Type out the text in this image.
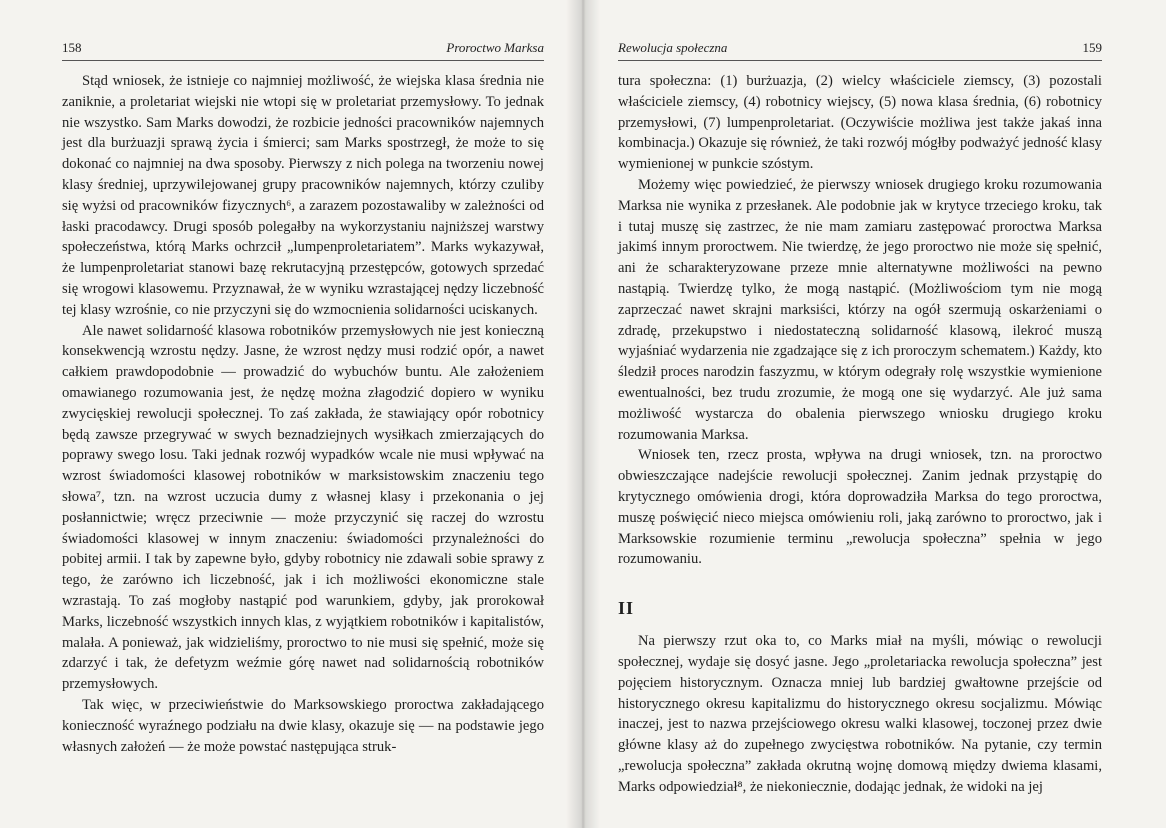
158	Proroctwo Marksa

Stąd wniosek, że istnieje co najmniej możliwość, że wiejska klasa średnia nie zaniknie, a proletariat wiejski nie wtopi się w proletariat przemysłowy. To jednak nie wszystko. Sam Marks dowodzi, że rozbicie jedności pracowników najemnych jest dla burżuazji sprawą życia i śmierci; sam Marks spostrzegł, że może to się dokonać co najmniej na dwa sposoby. Pierwszy z nich polega na tworzeniu nowej klasy średniej, uprzywilejowanej grupy pracowników najemnych, którzy czuliby się wyżsi od pracowników fizycznych⁶, a zarazem pozostawaliby w zależności od łaski pracodawcy. Drugi sposób polegałby na wykorzystaniu najniższej warstwy społeczeństwa, którą Marks ochrzcił „lumpenproletariatem”. Marks wykazywał, że lumpenproletariat stanowi bazę rekrutacyjną przestępców, gotowych sprzedać się wrogowi klasowemu. Przyznawał, że w wyniku wzrastającej nędzy liczebność tej klasy wzrośnie, co nie przyczyni się do wzmocnienia solidarności uciskanych.

Ale nawet solidarność klasowa robotników przemysłowych nie jest konieczną konsekwencją wzrostu nędzy. Jasne, że wzrost nędzy musi rodzić opór, a nawet całkiem prawdopodobnie — prowadzić do wybuchów buntu. Ale założeniem omawianego rozumowania jest, że nędzę można złagodzić dopiero w wyniku zwycięskiej rewolucji społecznej. To zaś zakłada, że stawiający opór robotnicy będą zawsze przegrywać w swych beznadziejnych wysiłkach zmierzających do poprawy swego losu. Taki jednak rozwój wypadków wcale nie musi wpływać na wzrost świadomości klasowej robotników w marksistowskim znaczeniu tego słowa⁷, tzn. na wzrost uczucia dumy z własnej klasy i przekonania o jej posłannictwie; wręcz przeciwnie — może przyczynić się raczej do wzrostu świadomości klasowej w innym znaczeniu: świadomości przynależności do pobitej armii. I tak by zapewne było, gdyby robotnicy nie zdawali sobie sprawy z tego, że zarówno ich liczebność, jak i ich możliwości ekonomiczne stale wzrastają. To zaś mogłoby nastąpić pod warunkiem, gdyby, jak prorokował Marks, liczebność wszystkich innych klas, z wyjątkiem robotników i kapitalistów, malała. A ponieważ, jak widzieliśmy, proroctwo to nie musi się spełnić, może się zdarzyć i tak, że defetyzm weźmie górę nawet nad solidarnością robotników przemysłowych.

Tak więc, w przeciwieństwie do Marksowskiego proroctwa zakładającego konieczność wyraźnego podziału na dwie klasy, okazuje się — na podstawie jego własnych założeń — że może powstać następująca struk-

Rewolucja społeczna	159

tura społeczna: (1) burżuazja, (2) wielcy właściciele ziemscy, (3) pozostali właściciele ziemscy, (4) robotnicy wiejscy, (5) nowa klasa średnia, (6) robotnicy przemysłowi, (7) lumpenproletariat. (Oczywiście możliwa jest także jakaś inna kombinacja.) Okazuje się również, że taki rozwój mógłby podważyć jedność klasy wymienionej w punkcie szóstym.

Możemy więc powiedzieć, że pierwszy wniosek drugiego kroku rozumowania Marksa nie wynika z przesłanek. Ale podobnie jak w krytyce trzeciego kroku, tak i tutaj muszę się zastrzec, że nie mam zamiaru zastępować proroctwa Marksa jakimś innym proroctwem. Nie twierdzę, że jego proroctwo nie może się spełnić, ani że scharakteryzowane przeze mnie alternatywne możliwości na pewno nastąpią. Twierdzę tylko, że mogą nastąpić. (Możliwościom tym nie mogą zaprzeczać nawet skrajni marksiści, którzy na ogół szermują oskarżeniami o zdradę, przekupstwo i niedostateczną solidarność klasową, ilekroć muszą wyjaśniać wydarzenia nie zgadzające się z ich proroczym schematem.) Każdy, kto śledził proces narodzin faszyzmu, w którym odegrały rolę wszystkie wymienione ewentualności, bez trudu zrozumie, że mogą one się wydarzyć. Ale już sama możliwość wystarcza do obalenia pierwszego wniosku drugiego kroku rozumowania Marksa.

Wniosek ten, rzecz prosta, wpływa na drugi wniosek, tzn. na proroctwo obwieszczające nadejście rewolucji społecznej. Zanim jednak przystąpię do krytycznego omówienia drogi, która doprowadziła Marksa do tego proroctwa, muszę poświęcić nieco miejsca omówieniu roli, jaką zarówno to proroctwo, jak i Marksowskie rozumienie terminu „rewolucja społeczna” spełnia w jego rozumowaniu.

II

Na pierwszy rzut oka to, co Marks miał na myśli, mówiąc o rewolucji społecznej, wydaje się dosyć jasne. Jego „proletariacka rewolucja społeczna” jest pojęciem historycznym. Oznacza mniej lub bardziej gwałtowne przejście od historycznego okresu kapitalizmu do historycznego okresu socjalizmu. Mówiąc inaczej, jest to nazwa przejściowego okresu walki klasowej, toczonej przez dwie główne klasy aż do zupełnego zwycięstwa robotników. Na pytanie, czy termin „rewolucja społeczna” zakłada okrutną wojnę domową między dwiema klasami, Marks odpowiedział⁸, że niekoniecznie, dodając jednak, że widoki na jej
